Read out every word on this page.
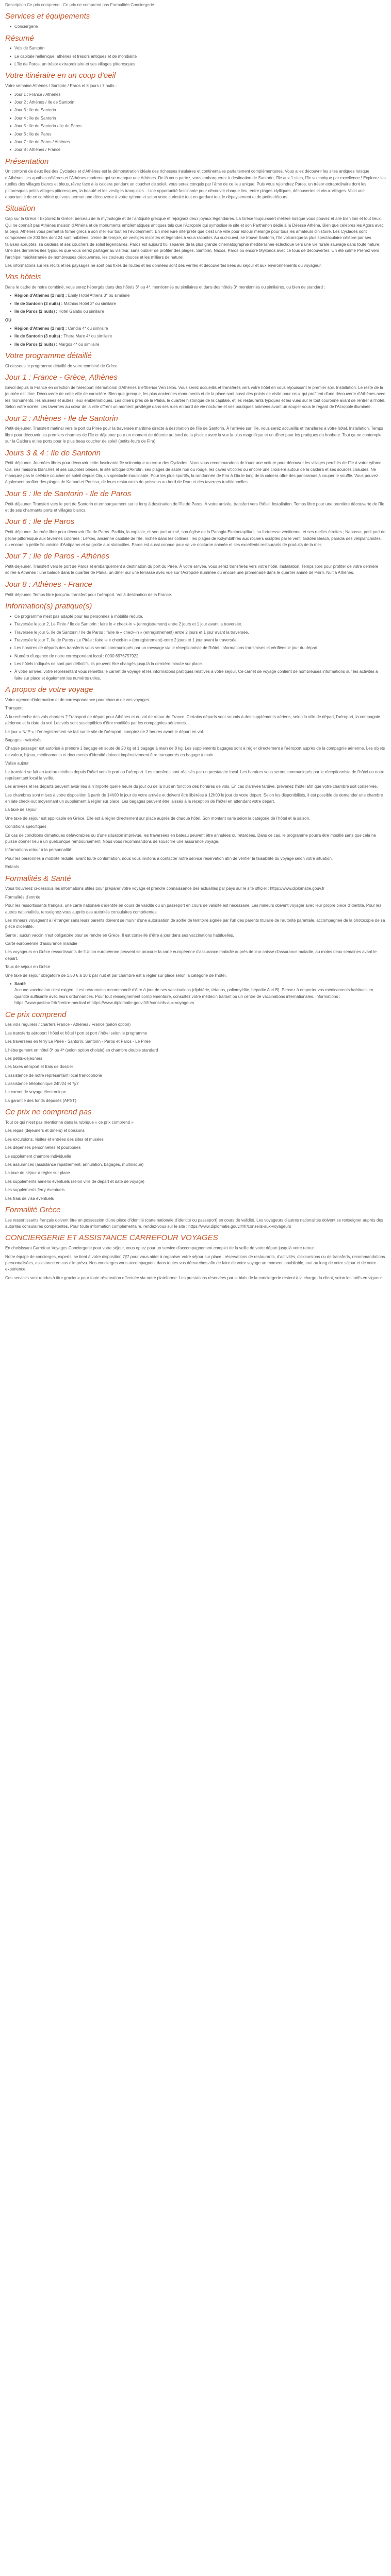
Description Ce prix comprend : Ce prix ne comprend pas Formalités Conciergerie
Services et équipements
■ Conciergerie
Résumé
■ Vols de Santorin
■ Le capitale hellénique, athènes et tresors antiques et de mondialité
■ L'île de Paros, un trésor extraordinaire et ses villages pittoresques
Votre itinéraire en un coup d'oeil

Votre semaine Athènes / Santorin / Paros et 8 jours / 7 nuits :

■ Jour 1 : France / Athènes
■ Jour 2 : Athènes / Ile de Santorin
■ Jour 3 : Ile de Santorin
■ Jour 4 : Ile de Santorin
■ Jour 5 : Ile de Santorin / Ile de Paros
■ Jour 6 : Ile de Paros
■ Jour 7 : Ile de Paros / Athènes
■ Jour 8 : Athènes / France
Présentation

Un combiné de deux îles des Cyclades et d'Athènes est la démonstration idéale des richesses insulaires et continentales parfaitement complémentaires. Vous allez découvrir les sites antiques lorsque d'Athènes, les apothes célèbres et l'Athènes moderne qui se manque une Athènes. De là vous partez, vous embarquerez à destination de Santorin, l'île aux 1 sites, l'île volcanique par excellence ! Explorez les ruelles des villages blancs et bleus, rêvez face à la caldera pendant un coucher de soleil, vous serez conquis par l'âme de ce lieu unique. Puis vous rejoindrez Paros, un trésor extraordinaire dont les pittoresques petits villages pittoresques, la beauté et les vestiges tranquilles... Une opportunité fascinante pour découvrir chaque lieu, entre plages idylliques, découvertes et vieux villages. Voici une opportunité de ce combiné qui vous permet une découverte à votre rythme et selon votre curiosité tout en gardant tout le dépaysement et de petits détours.

Situation

Cap sur la Grèce ! Explorez la Grèce, berceau de la mythologie et de l'antiquité grecque et rejoignez deux joyaux légendaires. La Grèce toujourssert mélière lorsque vous pouvez et alle bien loin et tout lieux. Qui ne connaît pas Athènes maison d'Athéna et de monuments emblématiques antiques tels que l'Acropole qui symbolise le site et son Parthénon dédié à la Déesse Athéna. Bien que célèbres les Agora avec la pays, Athènes vous permet la forme grecs à son meilleur tout en l'évidemment. En meilleure interprété que c'est une ville pour éblouir mélange pour tous les amateurs d'histoire. Les Cyclades sont composées de 200 îles dont 24 sont habitées, pleine de temple, de vestiges insolites et légendes à vous raconter. Au sud-ouest, se trouve Santorin, l'île volcanique la plus spectaculaire célèbre par ses falaises abruptes, sa caldeira et ses couchers de soleil légendaires. Paros est aujourd'hui séparée de la plus grande cinématographie méditerranée éclectique vers une vie rurale sauvage dans toute nature. Une des dernières îles typiques que vous serez partager au visiteur, sans oublier de profiter des plages. Santorin, Naxos, Paros ou encore Mykonos avec ce tous de découvertes. Un été calme Prenez vers l'archipel méditerranée de nombreuses découvertes, les couleurs douces et les milliers de naturel.

Les informations sur les récits et les paysages ne sont pas fixes de routes et les données sont des vérités et découvertes liées au séjour et aux environnements du voyageur.

Vos hôtels

Dans le cadre de notre combiné, vous serez hébergés dans des hôtels 3* ou 4*, mentionnés ou similaires et dans des hôtels 3* mentionnés ou similaires, ou bien de standard :

■ Région d'Athènes (1 nuit) : Emily Hotel Athens 3* ou similaire
■ Ile de Santorin (3 nuits) : Mathios Hotel 3* ou similaire
■ Ile de Paros (2 nuits) : Hotel Galatis ou similaire

OU

■ Région d'Athènes (1 nuit) : Candia 4* ou similaire
■ Ile de Santorin (3 nuits) : Thera Mare 4* ou similaire
■ Ile de Paros (2 nuits) : Margos 4* ou similaire
Votre programme détaillé

Ci dessous le programme détaillé de votre combiné de Grèce.

Jour 1 : France - Grèce, Athènes

Envol depuis la France en direction de l'aéroport international d'Athènes Eleftherios Venizelos. Vous serez accueillis et transférés vers votre hôtel en vous réjouissant le premier soir. Installation. Le reste de la journée est libre. Découverte de cette ville de caractère. Bien que grecque, les plus anciennes monuments et de la place sont aussi des points de visite pour ceux qui profitent d'une découverte d'Athènes avec les monuments, les musées et autres lieux emblématiques. Les dîners près de la Plaka, le quartier historique de la capitale, et les restaurants typiques et les vues sur le tout couronné avant de rentrer à l'hôtel. Selon votre soirée, ces tavernes au cœur de la ville offrent un moment privilégié dans ses rues en bord de vie nocturne et ses boutiques animées avant un souper sous le regard de l'Acropole illuminée.

Jour 2 : Athènes - Ile de Santorin

Petit-déjeuner. Transfert matinal vers le port du Pirée pour la traversée maritime directe à destination de l'île de Santorin. À l'arrivée sur l'île, vous serez accueillis et transférés à votre hôtel. Installation. Temps libre pour découvrir les premiers charmes de l'île et déjeuner pour un moment de détente au bord de la piscine avec la vue la plus magnifique et un dîner pour les pratiques du bonheur. Tout ça ne contemple sur la Caldera et les ports pour le plus beau coucher de soleil (petits-fours de Fira).

Jours 3 & 4 : Ile de Santorin

Petit-déjeuner. Journées libres pour découvrir cette fascinante île volcanique au cœur des Cyclades. Nous vous recommandons de louer une voiture pour découvrir les villages perchés de l'île à votre rythme : Oia, ses maisons blanches et ses coupoles bleues, le site antique d'Akrotiri, ses plages de sable noir ou rouge, les caves viticoles ou encore une croisière autour de la caldera et ses sources chaudes. Ne manquez pas le célèbre coucher de soleil depuis Oia, un spectacle inoubliable. Pour les plus sportifs, la randonnée de Fira à Oia le long de la caldera offre des panoramas à couper le souffle. Vous pouvez également profiter des plages de Kamari et Perissa, de leurs restaurants de poissons au bord de l'eau et des tavernes traditionnelles.

Jour 5 : Ile de Santorin - Ile de Paros

Petit-déjeuner. Transfert vers le port de Santorin et embarquement sur le ferry à destination de l'île de Paros. À votre arrivée, transfert vers l'hôtel. Installation. Temps libre pour une première découverte de l'île et de ses charmants ports et villages blancs.

Jour 6 : Ile de Paros

Petit-déjeuner. Journée libre pour découvrir l'île de Paros. Parikia, la capitale, et son port animé, son église de la Panagia Ekatontapiliani, sa forteresse vénitienne, et ses ruelles étroites ; Naoussa, petit port de pêche pittoresque aux tavernes colorées ; Lefkes, ancienne capitale de l'île, nichée dans les collines ; les plages de Kolymbithres aux rochers sculptés par le vent, Golden Beach, paradis des véliplanchistes, ou encore la petite île voisine d'Antiparos et sa grotte aux stalactites. Paros est aussi connue pour sa vie nocturne animée et ses excellents restaurants de produits de la mer.

Jour 7 : Ile de Paros - Athènes

Petit-déjeuner. Transfert vers le port de Paros et embarquement à destination du port du Pirée. À votre arrivée, vous serez transférés vers votre hôtel. Installation. Temps libre pour profiter de votre dernière soirée à Athènes : une balade dans le quartier de Plaka, un dîner sur une terrasse avec vue sur l'Acropole illuminée ou encore une promenade dans le quartier animé de Psirri. Nuit à Athènes.

Jour 8 : Athènes - France

Petit-déjeuner. Temps libre jusqu'au transfert pour l'aéroport. Vol à destination de la France.

Information(s) pratique(s)
■ Ce programme n'est pas adapté pour les personnes à mobilité réduite.
■ Traversée le jour 2, Le Pirée / Ile de Santorin : faire le « check-in » (enregistrement) entre 2 jours et 1 jour avant la traversée.
■ Traversée le jour 5, Ile de Santorin / Ile de Paros : faire le « check-in » (enregistrement) entre 2 jours et 1 jour avant la traversée.
■ Traversée le jour 7, Ile de Paros / Le Pirée : faire le « check-in » (enregistrement) entre 2 jours et 1 jour avant la traversée.
■ Les horaires de départs des transferts vous seront communiqués par un message via le réceptionniste de l'hôtel. Informations transmises et vérifiées le jour du départ.
■ Numéro d'urgence de notre correspondant local : 0030 6976757922
■ Les hôtels indiqués ne sont pas définitifs, ils peuvent être changés jusqu'à la dernière minute sur place.
■ À votre arrivée, votre représentant vous remettra le carnet de voyage et les informations pratiques relatives à votre séjour. Ce carnet de voyage contient de nombreuses informations sur les activités à faire sur place et également les numéros utiles.
A propos de votre voyage

Votre agence d'information et de correspondance pour chacun de vos voyages.

Transport

À la recherche des vols charters ? Transport de départ pour Athènes et ou vol de retour de France. Certains départs sont soumis à des suppléments aériens, selon la ville de départ, l'aéroport, la compagnie aérienne et la date du vol. Les vols sont susceptibles d'être modifiés par les compagnies aériennes.

Le jour « N/ P » : l'enregistrement se fait sur le site de l'aéroport, comptez de 2 heures avant le départ en vol.

Bagages - valorisés

Chaque passager est autorisé à prendre 1 bagage en soute de 20 kg et 1 bagage à main de 8 kg. Les suppléments bagages sont à régler directement à l'aéroport auprès de la compagnie aérienne. Les objets de valeur, bijoux, médicaments et documents d'identité doivent impérativement être transportés en bagage à main.

Valise aujour

Le transfert se fait en taxi ou minibus depuis l'hôtel vers le port ou l'aéroport. Les transferts sont réalisés par un prestataire local. Les horaires vous seront communiqués par le réceptionniste de l'hôtel ou notre représentant local la veille.

Les arrivées et les départs peuvent avoir lieu à n'importe quelle heure du jour ou de la nuit en fonction des horaires de vols. En cas d'arrivée tardive, prévenez l'hôtel afin que votre chambre soit conservée.

Les chambres sont mises à votre disposition à partir de 14h00 le jour de votre arrivée et doivent être libérées à 12h00 le jour de votre départ. Selon les disponibilités, il est possible de demander une chambre en late check-out moyennant un supplément à régler sur place. Les bagages peuvent être laissés à la réception de l'hôtel en attendant votre départ.

La taxe de séjour

Une taxe de séjour est applicable en Grèce. Elle est à régler directement sur place auprès de chaque hôtel. Son montant varie selon la catégorie de l'hôtel et la saison.

Conditions spécifiques

En cas de conditions climatiques défavorables ou d'une situation imprévue, les traversées en bateau peuvent être annulées ou retardées. Dans ce cas, le programme pourra être modifié sans que cela ne puisse donner lieu à un quelconque remboursement. Nous vous recommandons de souscrire une assurance voyage.

Informations retour à la personnalité

Pour les personnes à mobilité réduite, avant toute confirmation, nous vous invitons à contacter notre service réservation afin de vérifier la faisabilité du voyage selon votre situation.

Enfants

Formalités & Santé

Vous trouverez ci-dessous les informations utiles pour préparer votre voyage et prendre connaissance des actualités par pays sur le site officiel : https://www.diplomatie.gouv.fr

Formalités d'entrée

Pour les ressortissants français, une carte nationale d'identité en cours de validité ou un passeport en cours de validité est nécessaire. Les mineurs doivent voyager avec leur propre pièce d'identité. Pour les autres nationalités, renseignez-vous auprès des autorités consulaires compétentes.

Les mineurs voyageant à l'étranger sans leurs parents doivent se munir d'une autorisation de sortie de territoire signée par l'un des parents titulaire de l'autorité parentale, accompagnée de la photocopie de sa pièce d'identité.

Santé : aucun vaccin n'est obligatoire pour se rendre en Grèce. Il est conseillé d'être à jour dans ses vaccinations habituelles.

Carte européenne d'assurance maladie

Les voyageurs en Grèce ressortissants de l'Union européenne peuvent se procurer la carte européenne d'assurance maladie auprès de leur caisse d'assurance maladie, au moins deux semaines avant le départ.

Taux de séjour en Grèce

Une taxe de séjour obligatoire de 1,50 € à 10 € par nuit et par chambre est à régler sur place selon la catégorie de l'hôtel.

■ Santé
Aucune vaccination n'est exigée. Il est néanmoins recommandé d'être à jour de ses vaccinations (diphtérie, tétanos, poliomyélite, hépatite A et B). Pensez à emporter vos médicaments habituels en quantité suffisante avec leurs ordonnances. Pour tout renseignement complémentaire, consultez votre médecin traitant ou un centre de vaccinations internationales. Informations : https://www.pasteur.fr/fr/centre-medical et https://www.diplomatie.gouv.fr/fr/conseils-aux-voyageurs
Ce prix comprend

Les vols réguliers / charters France - Athènes / France (selon option)

Les transferts aéroport / hôtel et hôtel / port et port / hôtel selon le programme

Les traversées en ferry Le Pirée - Santorin, Santorin - Paros et Paros - Le Pirée

L'hébergement en hôtel 3* ou 4* (selon option choisie) en chambre double standard

Les petits-déjeuners

Les taxes aéroport et frais de dossier

L'assistance de notre représentant local francophone

L'assistance téléphonique 24h/24 et 7j/7

Le carnet de voyage électronique

La garantie des fonds déposés (APST)

Ce prix ne comprend pas

Tout ce qui n'est pas mentionné dans la rubrique « ce prix comprend »

Les repas (déjeuners et dîners) et boissons

Les excursions, visites et entrées des sites et musées

Les dépenses personnelles et pourboires

Le supplément chambre individuelle

Les assurances (assistance rapatriement, annulation, bagages, multirisque)

La taxe de séjour à régler sur place

Les suppléments aériens éventuels (selon ville de départ et date de voyage)

Les suppléments ferry éventuels

Les frais de visa éventuels

Formalité Grèce

Les ressortissants français doivent être en possession d'une pièce d'identité (carte nationale d'identité ou passeport) en cours de validité. Les voyageurs d'autres nationalités doivent se renseigner auprès des autorités consulaires compétentes. Pour toute information complémentaire, rendez-vous sur le site : https://www.diplomatie.gouv.fr/fr/conseils-aux-voyageurs

CONCIERGERIE ET ASSISTANCE CARREFOUR VOYAGES

En choisissant Carrefour Voyages Conciergerie pour votre séjour, vous optez pour un service d'accompagnement complet de la veille de votre départ jusqu'à votre retour.

Notre équipe de concierges, experts, se tient à votre disposition 7j/7 pour vous aider à organiser votre séjour sur place : réservations de restaurants, d'activités, d'excursions ou de transferts, recommandations personnalisées, assistance en cas d'imprévu. Nos concierges vous accompagnent dans toutes vos démarches afin de faire de votre voyage un moment inoubliable, tout au long de votre séjour et de votre expérience.

Ces services sont rendus à titre gracieux pour toute réservation effectuée via notre plateforme. Les prestations réservées par le biais de la conciergerie restent à la charge du client, selon les tarifs en vigueur.
